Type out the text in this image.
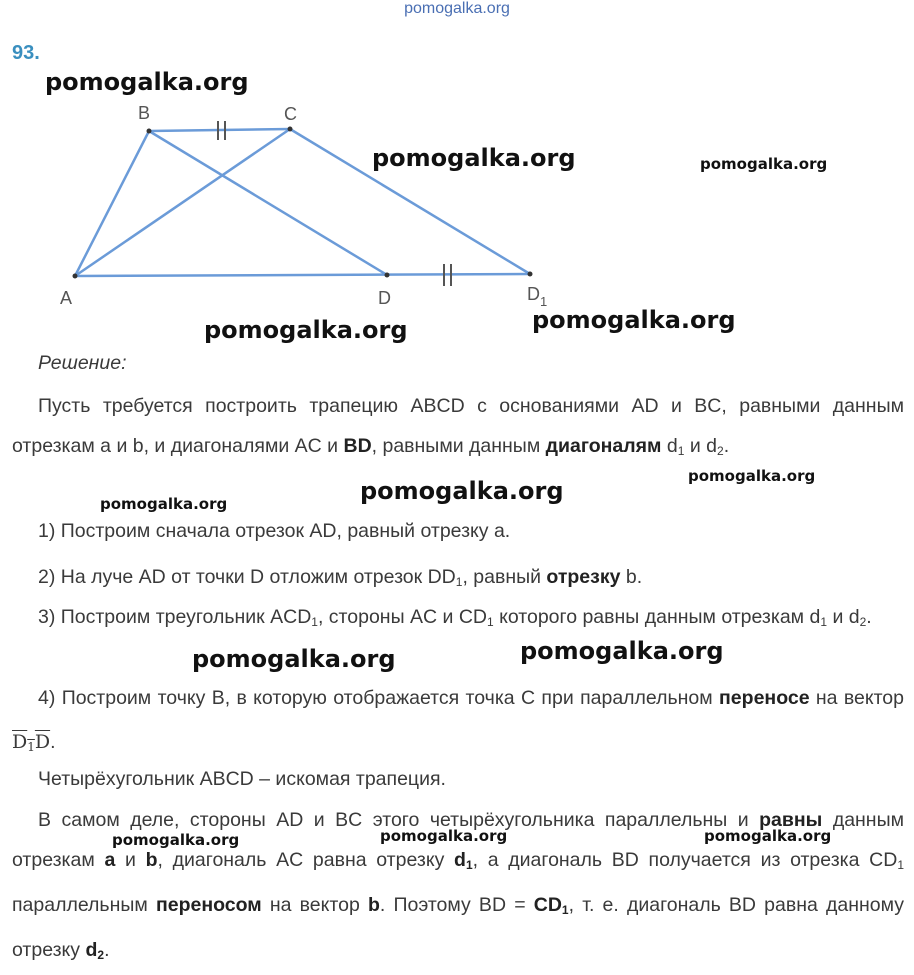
pomogalka.org
93.
A
B	C
D	$D_1$
Решение:
Пусть требуется построить трапецию ABCD с основаниями AD и BC, равными данным отрезкам a и b, и диагоналями AC и BD, равными данным диагоналям $d_1$ и $d_2$.
1) Построим сначала отрезок AD, равный отрезку a.
2) На луче AD от точки D отложим отрезок $DD_1$, равный отрезку b.
3) Построим треугольник $ACD_1$, стороны AC и $CD_1$ которого равны данным отрезкам $d_1$ и $d_2$.
4) Построим точку B, в которую отображается точка C при параллельном переносе на вектор $D_1D$.
Четырёхугольник ABCD – искомая трапеция.
В самом деле, стороны AD и BC этого четырёхугольника параллельны и равны данным отрезкам a и b, диагональ AC равна отрезку $d_1$, а диагональ BD получается из отрезка $CD_1$ параллельным переносом на вектор b. Поэтому BD = $CD_1$, т. е. диагональ BD равна данному отрезку $d_2$.
pomogalka.org
pomogalka.org	pomogalka.org
pomogalka.org	pomogalka.org
pomogalka.org
pomogalka.org
pomogalka.org
pomogalka.org	pomogalka.org
pomogalka.org	pomogalka.org	pomogalka.org
